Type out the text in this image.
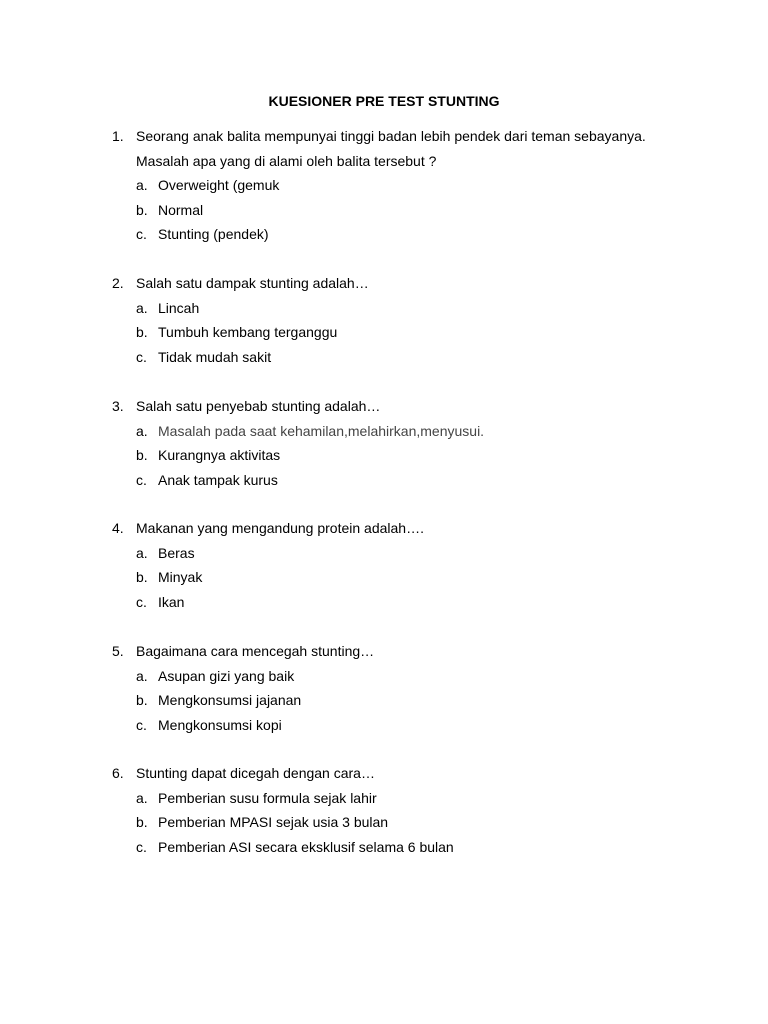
KUESIONER PRE TEST STUNTING
1. Seorang anak balita mempunyai tinggi badan lebih pendek dari teman sebayanya.
Masalah apa yang di alami oleh balita tersebut ?
a. Overweight (gemuk
b. Normal
c. Stunting (pendek)
2. Salah satu dampak stunting adalah…
a. Lincah
b. Tumbuh kembang terganggu
c. Tidak mudah sakit
3. Salah satu penyebab stunting adalah…
a. Masalah pada saat kehamilan,melahirkan,menyusui.
b. Kurangnya aktivitas
c. Anak tampak kurus
4. Makanan yang mengandung protein adalah….
a. Beras
b. Minyak
c. Ikan
5. Bagaimana cara mencegah stunting…
a. Asupan gizi yang baik
b. Mengkonsumsi jajanan
c. Mengkonsumsi kopi
6. Stunting dapat dicegah dengan cara…
a. Pemberian susu formula sejak lahir
b. Pemberian MPASI sejak usia 3 bulan
c. Pemberian ASI secara eksklusif selama 6 bulan
